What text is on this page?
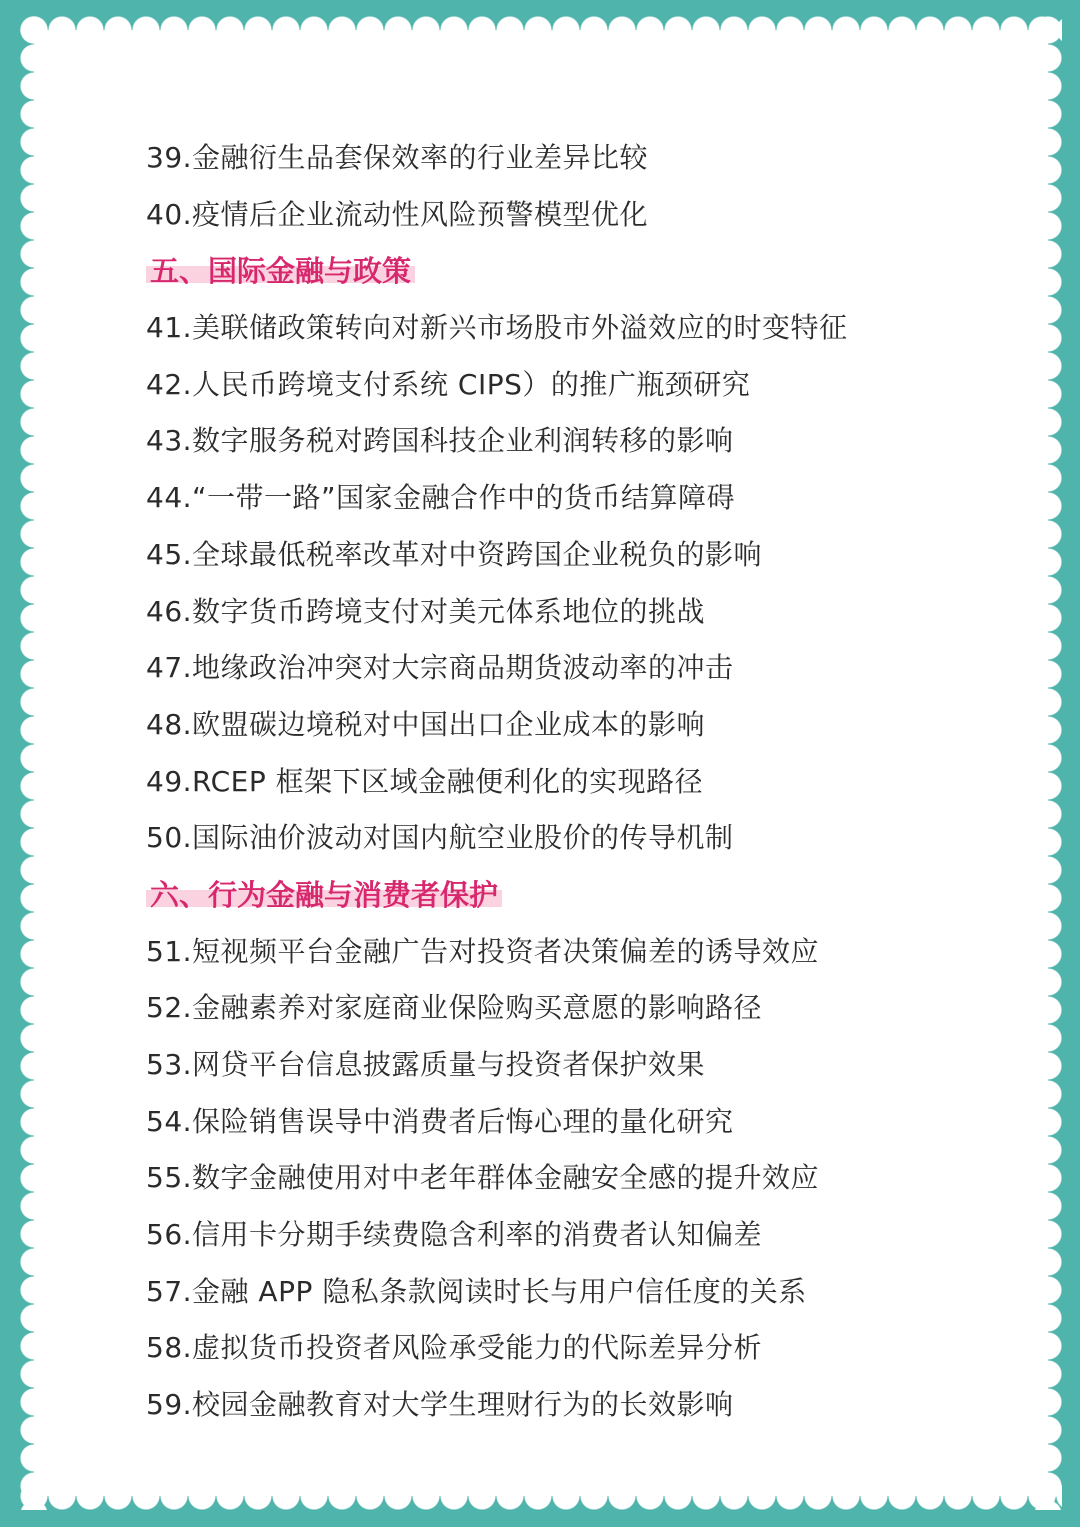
39.金融衍生品套保效率的行业差异比较
40.疫情后企业流动性风险预警模型优化
五、国际金融与政策
41.美联储政策转向对新兴市场股市外溢效应的时变特征
42.人民币跨境支付系统 CIPS）的推广瓶颈研究
43.数字服务税对跨国科技企业利润转移的影响
44.“一带一路”国家金融合作中的货币结算障碍
45.全球最低税率改革对中资跨国企业税负的影响
46.数字货币跨境支付对美元体系地位的挑战
47.地缘政治冲突对大宗商品期货波动率的冲击
48.欧盟碳边境税对中国出口企业成本的影响
49.RCEP 框架下区域金融便利化的实现路径
50.国际油价波动对国内航空业股价的传导机制
六、行为金融与消费者保护
51.短视频平台金融广告对投资者决策偏差的诱导效应
52.金融素养对家庭商业保险购买意愿的影响路径
53.网贷平台信息披露质量与投资者保护效果
54.保险销售误导中消费者后悔心理的量化研究
55.数字金融使用对中老年群体金融安全感的提升效应
56.信用卡分期手续费隐含利率的消费者认知偏差
57.金融 APP 隐私条款阅读时长与用户信任度的关系
58.虚拟货币投资者风险承受能力的代际差异分析
59.校园金融教育对大学生理财行为的长效影响
